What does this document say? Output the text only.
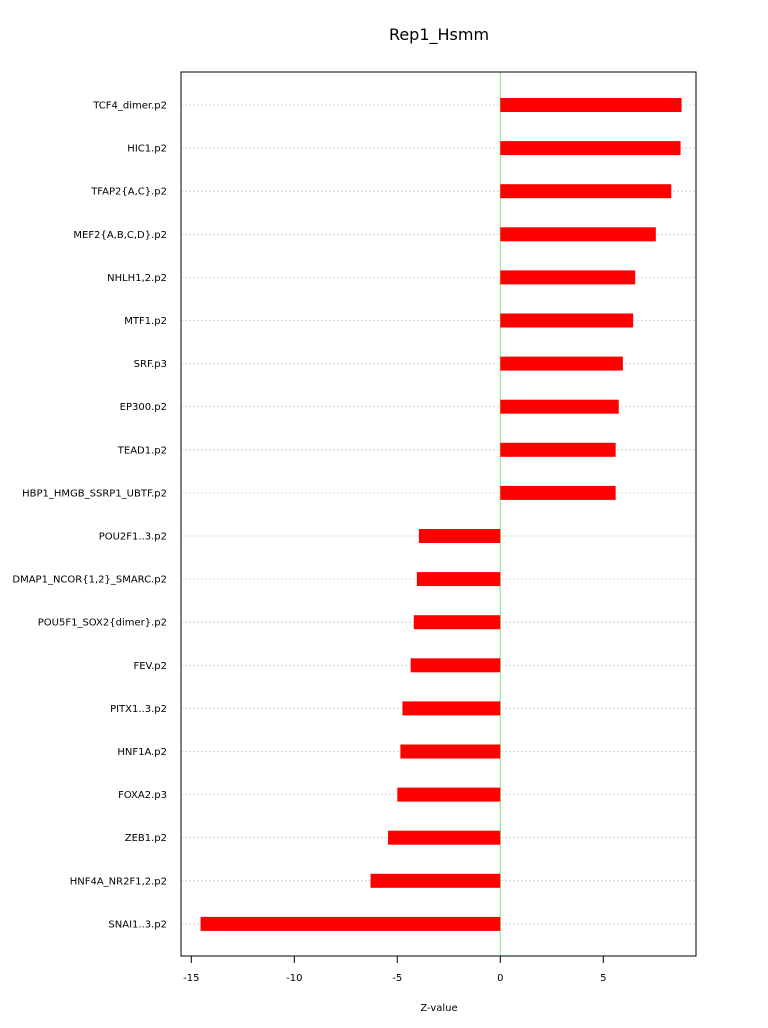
Rep1_Hsmm
TCF4_dimer.p2
HIC1.p2
TFAP2{A,C}.p2
MEF2{A,B,C,D}.p2
NHLH1,2.p2
MTF1.p2
SRF.p3
EP300.p2
TEAD1.p2
HBP1_HMGB_SSRP1_UBTF.p2
POU2F1..3.p2
DMAP1_NCOR{1,2}_SMARC.p2
POU5F1_SOX2{dimer}.p2
FEV.p2
PITX1..3.p2
HNF1A.p2
FOXA2.p3
ZEB1.p2
HNF4A_NR2F1,2.p2
SNAI1..3.p2
-15	-10	-5	0	5
Z-value
